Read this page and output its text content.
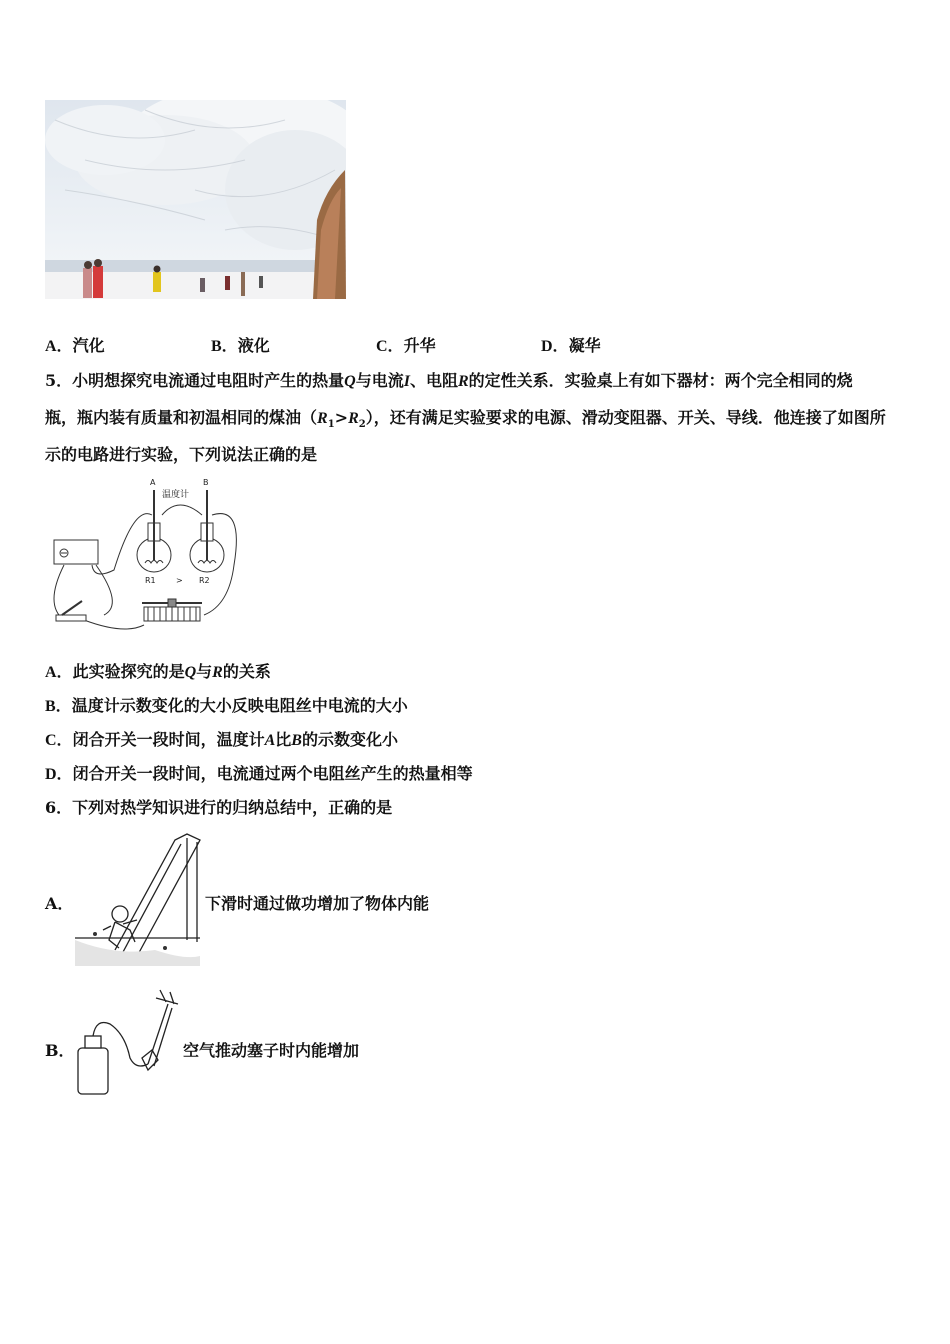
A．汽化	B．液化	C．升华	D．凝华
5．小明想探究电流通过电阻时产生的热量Q与电流I、电阻R的定性关系．实验桌上有如下器材：两个完全相同的烧
瓶，瓶内装有质量和初温相同的煤油$(R_1>R_2)$，还有满足实验要求的电源、滑动变阻器、开关、导线．他连接了如图所
示的电路进行实验，下列说法正确的是
A	B
温度计
R1	> R2
A．此实验探究的是Q与R的关系
B．温度计示数变化的大小反映电阻丝中电流的大小
C．闭合开关一段时间，温度计A比B的示数变化小
D．闭合开关一段时间，电流通过两个电阻丝产生的热量相等
6．下列对热学知识进行的归纳总结中，正确的是
A．	下滑时通过做功增加了物体内能
B．	空气推动塞子时内能增加
